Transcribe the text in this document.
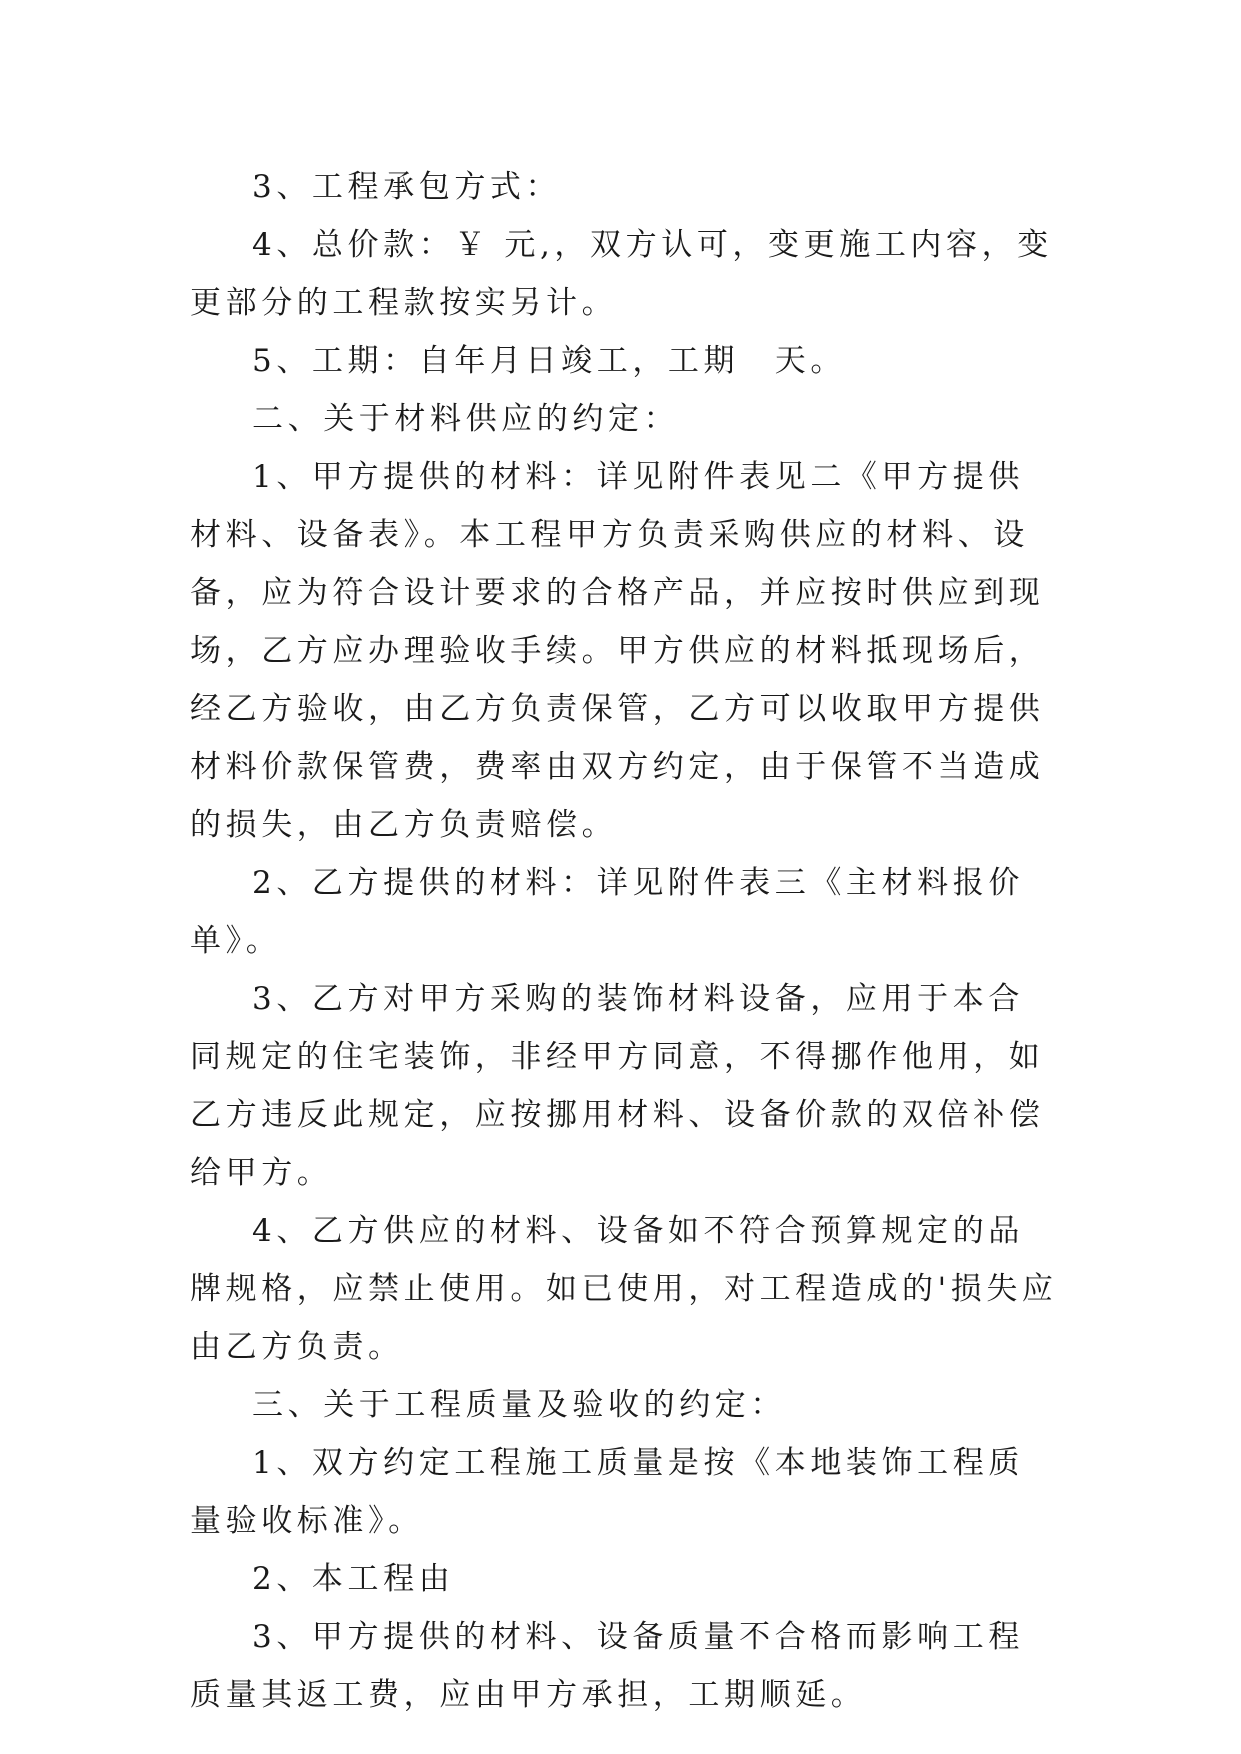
3、工程承包方式：

4、总价款：￥ 元,，双方认可，变更施工内容，变更部分的工程款按实另计。

5、工期：自年月日竣工，工期　天。

二、关于材料供应的约定：

1、甲方提供的材料：详见附件表见二《甲方提供材料、设备表》。本工程甲方负责采购供应的材料、设备，应为符合设计要求的合格产品，并应按时供应到现场，乙方应办理验收手续。甲方供应的材料抵现场后，经乙方验收，由乙方负责保管，乙方可以收取甲方提供材料价款保管费，费率由双方约定，由于保管不当造成的损失，由乙方负责赔偿。

2、乙方提供的材料：详见附件表三《主材料报价单》。

3、乙方对甲方采购的装饰材料设备，应用于本合同规定的住宅装饰，非经甲方同意，不得挪作他用，如乙方违反此规定，应按挪用材料、设备价款的双倍补偿给甲方。

4、乙方供应的材料、设备如不符合预算规定的品牌规格，应禁止使用。如已使用，对工程造成的'损失应由乙方负责。

三、关于工程质量及验收的约定：

1、双方约定工程施工质量是按《本地装饰工程质量验收标准》。

2、本工程由

3、甲方提供的材料、设备质量不合格而影响工程质量其返工费，应由甲方承担，工期顺延。
